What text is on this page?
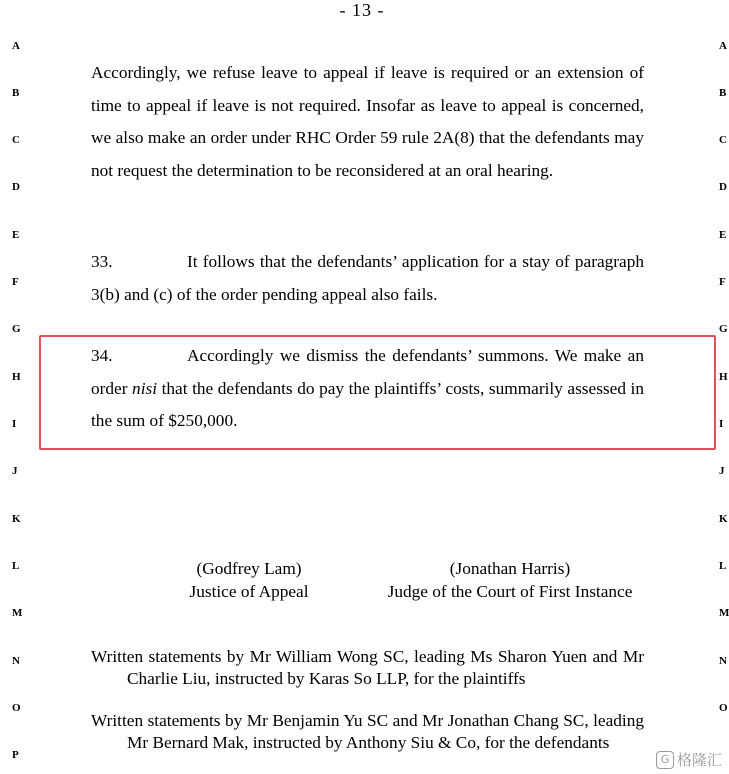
- 13 -
A
B
C
D
E
F
G
H
I
J
K
L
M
N
O
P
A
B
C
D
E
F
G
H
I
J
K
L
M
N
O
Accordingly, we refuse leave to appeal if leave is required or an extension of time to appeal if leave is not required. Insofar as leave to appeal is concerned, we also make an order under RHC Order 59 rule 2A(8) that the defendants may not request the determination to be reconsidered at an oral hearing.
33.	It follows that the defendants’ application for a stay of paragraph 3(b) and (c) of the order pending appeal also fails.
34.	Accordingly we dismiss the defendants’ summons. We make an order nisi that the defendants do pay the plaintiffs’ costs, summarily assessed in the sum of $250,000.
(Godfrey Lam)
Justice of Appeal
(Jonathan Harris)
Judge of the Court of First Instance
Written statements by Mr William Wong SC, leading Ms Sharon Yuen and Mr Charlie Liu, instructed by Karas So LLP, for the plaintiffs
Written statements by Mr Benjamin Yu SC and Mr Jonathan Chang SC, leading Mr Bernard Mak, instructed by Anthony Siu & Co, for the defendants
G 格隆汇
